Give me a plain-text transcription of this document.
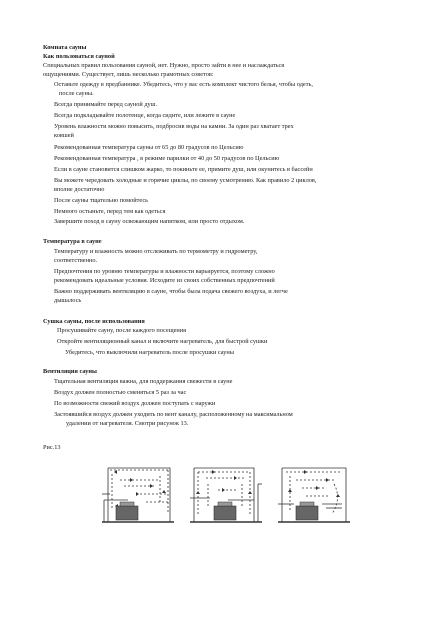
Комната сауны
Как пользоваться сауной
Специальных правил пользования сауной, нет. Нужно, просто зайти в нее и наслаждаться
ощущениями. Существует, лишь несколько грамотных советов:
Оставьте одежду в предбаннике. Убедитесь, что у вас есть комплект чистого белья, чтобы одеть,
после сауны.
Всегда принимайте перед сауной душ.
Всегда подкладывайте полотенце, когда сидите, или лежите в сауне
Уровень влажности можно повысить, подбросив воды на камни. За один раз хватает трех
ковшей
Рекомендованная температура сауны от 65 до 80 градусов по Цельсию
Рекомендованная температура , в режиме парилки от 40 до 50 градусов по Цельсию
Если в сауне становится слишком жарко, то покиньте ее, примите душ, или окунитесь в бассейн
Вы можете чередовать холодные и горячие циклы, по своему усмотрению. Как правило 2 циклов,
вполне достаточно
После сауны тщательно помойтесь
Немного остыньте, перед тем как одеться
Завершите поход в сауну освежающим напитком, или просто отдыхом.
Температура в сауне
Температуру и влажность можно отслеживать по термометру и гидрометру,
соответственно.
Предпочтения по уровню температуры и влажности варьируется, поэтому сложно
рекомендовать идеальные условия. Исходите из своих собственных предпочтений
Важно поддерживать вентиляцию в сауне, чтобы была подача свежего воздуха, и легче
дышалось
Сушка сауны, после использования
Просушивайте сауну, после каждого посещения
Откройте вентиляционный канал и включите нагреватель, для быстрой сушки
Убедитесь, что выключили нагреватель после просушки сауны
Вентиляция сауны
Тщательная вентиляция важна, для поддержания свежести в сауне
Воздух должен полностью сменяться 5 раз за час
По возможности свежий воздух должен поступать с наружи
Застоявшийся воздух должен уходить по вент каналу, расположенному на максимальном
удалении от нагревателя. Смотри рисунок 13.
Рис.13
